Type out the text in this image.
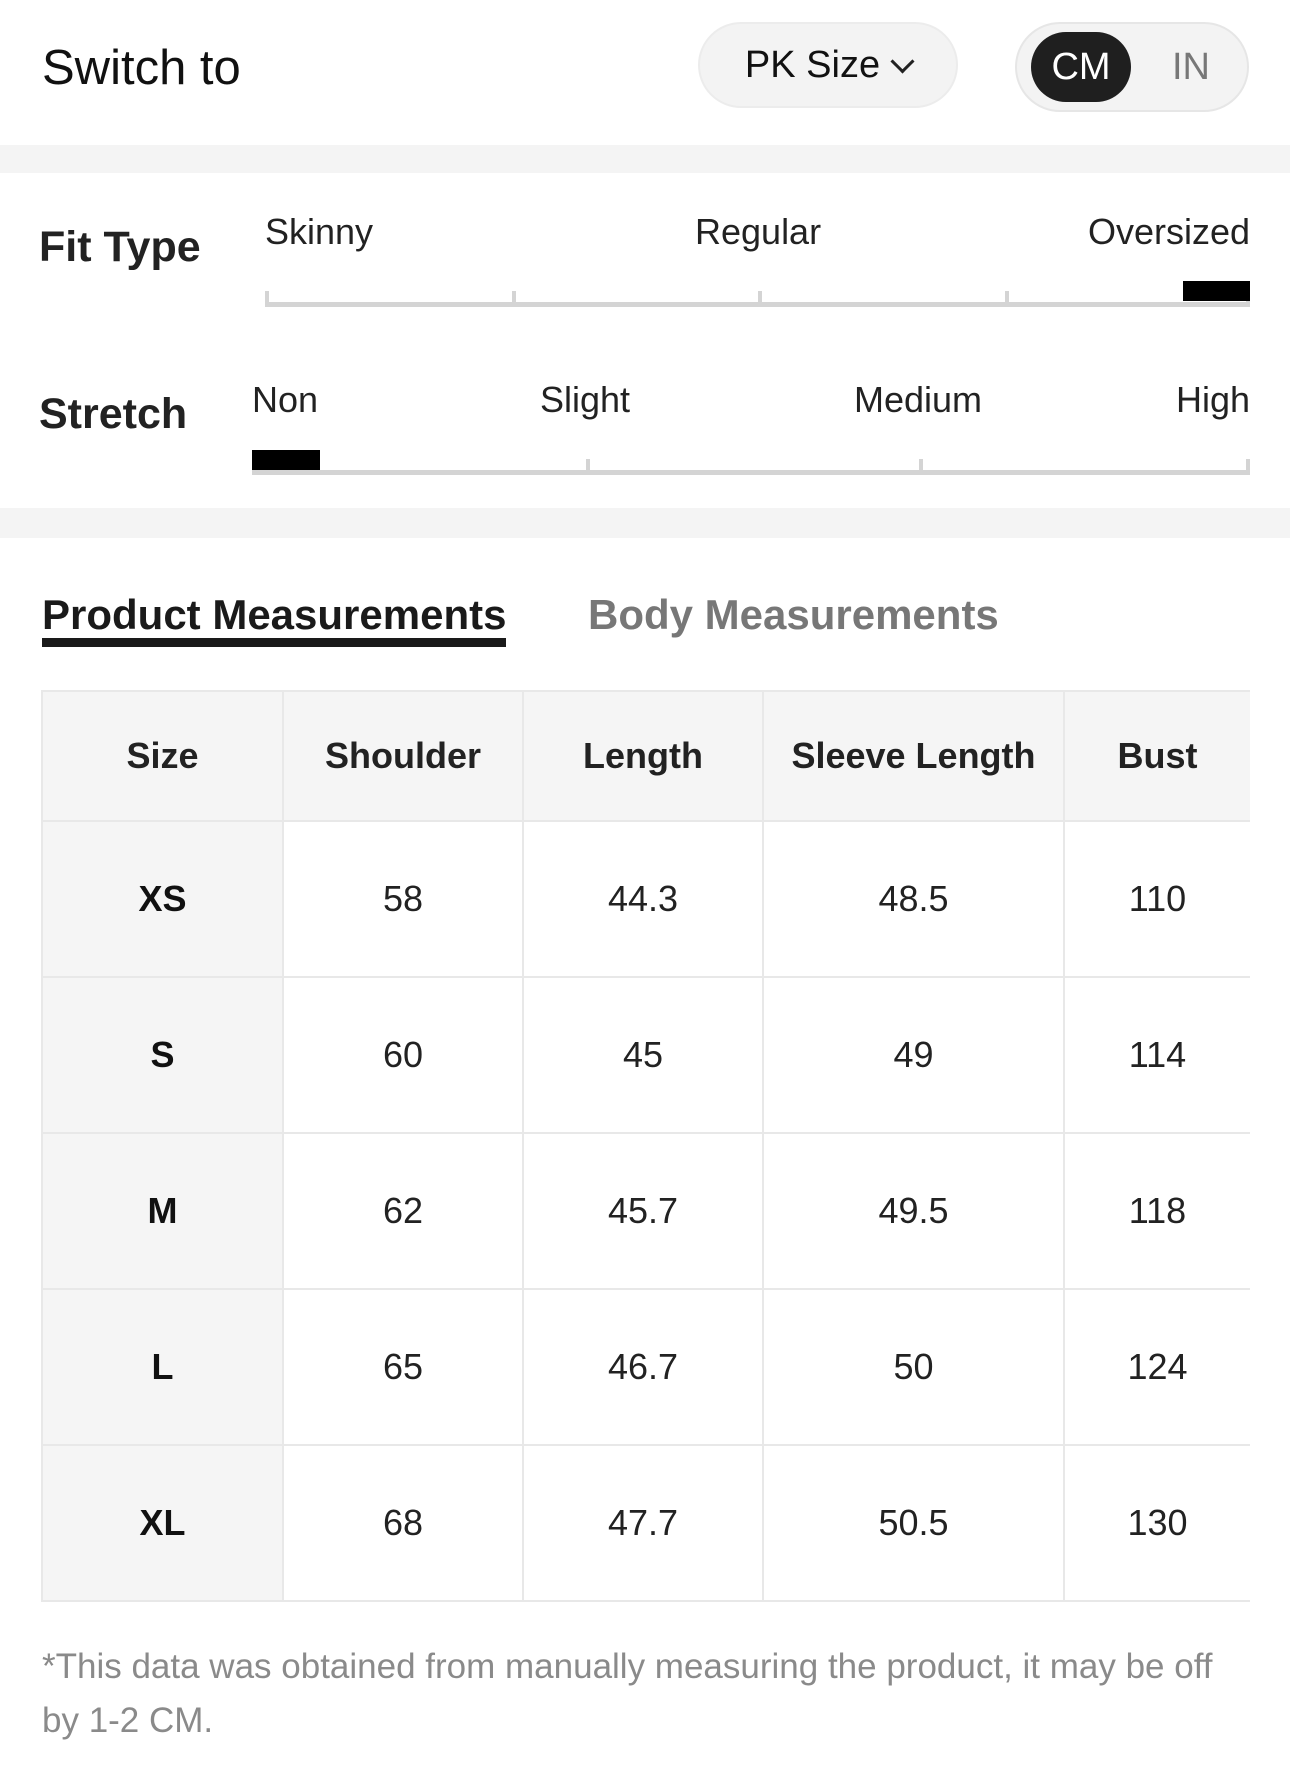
Switch to	PK Size	CM	IN
Fit Type Skinny	Regular	Oversized
Stretch Non	Slight	Medium	High
Product Measurements Body Measurements
Size	Shoulder	Length	Sleeve Length	Bust
XS	58	44.3	48.5	110
S	60	45	49	114
M	62	45.7	49.5	118
L	65	46.7	50	124
XL	68	47.7	50.5	130
*This data was obtained from manually measuring the product, it may be off by 1-2 CM.
